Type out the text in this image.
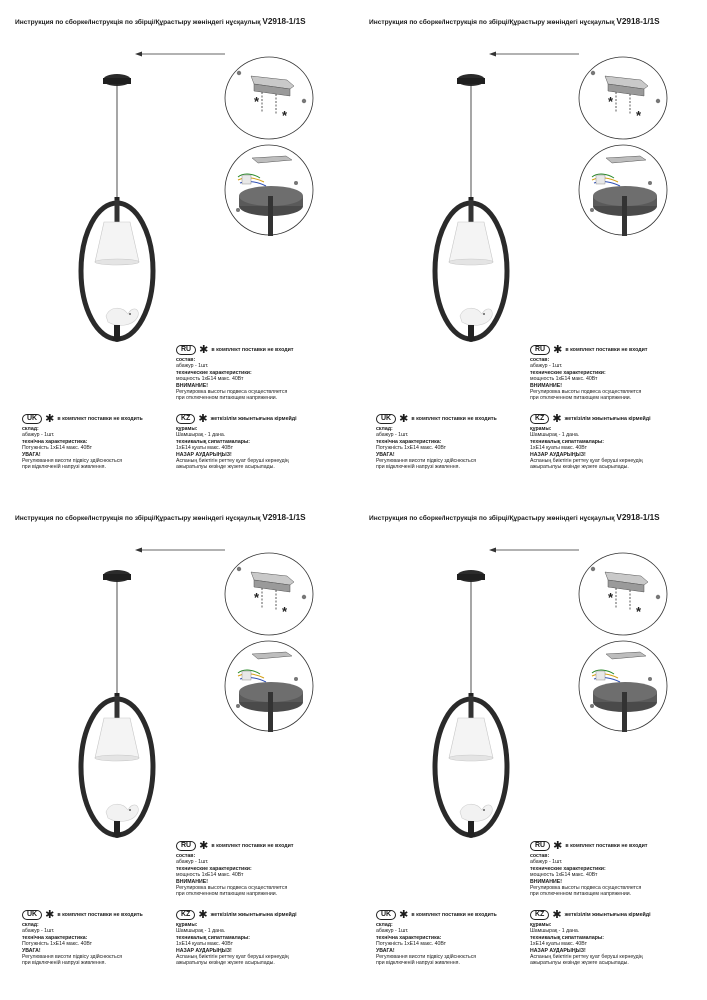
Инструкция по сборке/Інструкція по збірці/Құрастыру жөніндегі нұсқаулық V2918-1/1S
*
*
RU ✱ в комплект поставки не входит
состав:
абажур - 1шт.
технические характеристики:
мощность 1хЕ14 макс. 40Вт
ВНИМАНИЕ!
Регулировка высоты подвеса осуществляется
при отключенном питающем напряжении.
UK ✱ в комплект поставки не входить
склад:
абажур - 1шт.
технічна характеристика:
Потужність 1хЕ14 макс. 40Вт
УВАГА!
Регулювання висоти підвісу здійснюється
при відключеній напрузі живлення.
KZ ✱ жеткізілім жиынтығына кірмейді
құрамы:
Шамшырақ - 1 дана.
техникалық сипаттамалары:
1хЕ14 қуаты макс. 40Вт
НАЗАР АУДАРЫҢЫЗ!
Аспаның биіктігін реттеу қуат беруші кернеудің
ажыратылуы кезінде жүзеге асырылады.
Инструкция по сборке/Інструкція по збірці/Құрастыру жөніндегі нұсқаулық V2918-1/1S
*
*
RU ✱ в комплект поставки не входит
состав:
абажур - 1шт.
технические характеристики:
мощность 1хЕ14 макс. 40Вт
ВНИМАНИЕ!
Регулировка высоты подвеса осуществляется
при отключенном питающем напряжении.
UK ✱ в комплект поставки не входить
склад:
абажур - 1шт.
технічна характеристика:
Потужність 1хЕ14 макс. 40Вт
УВАГА!
Регулювання висоти підвісу здійснюється
при відключеній напрузі живлення.
KZ ✱ жеткізілім жиынтығына кірмейді
құрамы:
Шамшырақ - 1 дана.
техникалық сипаттамалары:
1хЕ14 қуаты макс. 40Вт
НАЗАР АУДАРЫҢЫЗ!
Аспаның биіктігін реттеу қуат беруші кернеудің
ажыратылуы кезінде жүзеге асырылады.
Инструкция по сборке/Інструкція по збірці/Құрастыру жөніндегі нұсқаулық V2918-1/1S
*
*
RU ✱ в комплект поставки не входит
состав:
абажур - 1шт.
технические характеристики:
мощность 1хЕ14 макс. 40Вт
ВНИМАНИЕ!
Регулировка высоты подвеса осуществляется
при отключенном питающем напряжении.
UK ✱ в комплект поставки не входить
склад:
абажур - 1шт.
технічна характеристика:
Потужність 1хЕ14 макс. 40Вт
УВАГА!
Регулювання висоти підвісу здійснюється
при відключеній напрузі живлення.
KZ ✱ жеткізілім жиынтығына кірмейді
құрамы:
Шамшырақ - 1 дана.
техникалық сипаттамалары:
1хЕ14 қуаты макс. 40Вт
НАЗАР АУДАРЫҢЫЗ!
Аспаның биіктігін реттеу қуат беруші кернеудің
ажыратылуы кезінде жүзеге асырылады.
Инструкция по сборке/Інструкція по збірці/Құрастыру жөніндегі нұсқаулық V2918-1/1S
*
*
RU ✱ в комплект поставки не входит
состав:
абажур - 1шт.
технические характеристики:
мощность 1хЕ14 макс. 40Вт
ВНИМАНИЕ!
Регулировка высоты подвеса осуществляется
при отключенном питающем напряжении.
UK ✱ в комплект поставки не входить
склад:
абажур - 1шт.
технічна характеристика:
Потужність 1хЕ14 макс. 40Вт
УВАГА!
Регулювання висоти підвісу здійснюється
при відключеній напрузі живлення.
KZ ✱ жеткізілім жиынтығына кірмейді
құрамы:
Шамшырақ - 1 дана.
техникалық сипаттамалары:
1хЕ14 қуаты макс. 40Вт
НАЗАР АУДАРЫҢЫЗ!
Аспаның биіктігін реттеу қуат беруші кернеудің
ажыратылуы кезінде жүзеге асырылады.
